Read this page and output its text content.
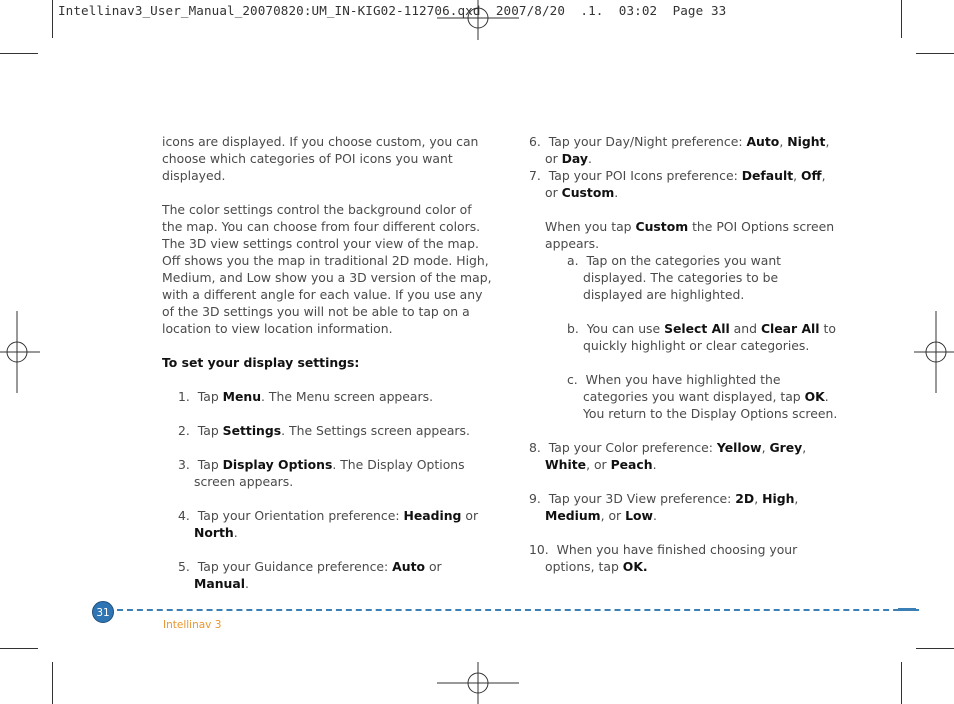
Intellinav3_User_Manual_20070820:UM_IN-KIG02-112706.qxd  2007/8/20  .1.  03:02  Page 33

icons are displayed. If you choose custom, you can choose which categories of POI icons you want displayed.

The color settings control the background color of the map. You can choose from four different colors.

The 3D view settings control your view of the map. Off shows you the map in traditional 2D mode. High, Medium, and Low show you a 3D version of the map, with a different angle for each value. If you use any of the 3D settings you will not be able to tap on a location to view location information.

To set your display settings:

1. Tap Menu. The Menu screen appears.

2. Tap Settings. The Settings screen appears.

3. Tap Display Options. The Display Options screen appears.

4. Tap your Orientation preference: Heading or North.

5. Tap your Guidance preference: Auto or Manual.

6. Tap your Day/Night preference: Auto, Night, or Day.

7. Tap your POI Icons preference: Default, Off, or Custom.

When you tap Custom the POI Options screen appears.

a. Tap on the categories you want displayed. The categories to be displayed are highlighted.

b. You can use Select All and Clear All to quickly highlight or clear categories.

c. When you have highlighted the categories you want displayed, tap OK. You return to the Display Options screen.

8. Tap your Color preference: Yellow, Grey, White, or Peach.

9. Tap your 3D View preference: 2D, High, Medium, or Low.

10.  When you have finished choosing your options, tap OK.

31
Intellinav 3
